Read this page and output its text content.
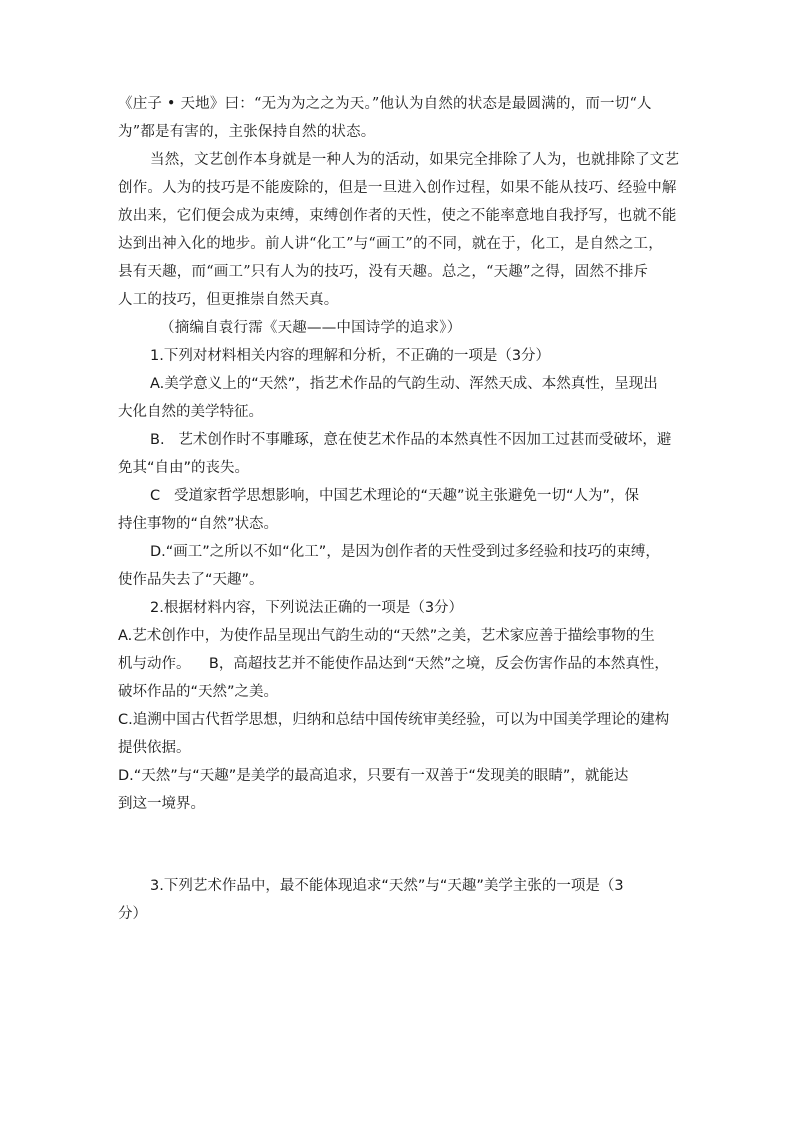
《庄子 • 天地》曰：“无为为之之为天。”他认为自然的状态是最圆满的，而一切“人
为”都是有害的，主张保持自然的状态。
当然，文艺创作本身就是一种人为的活动，如果完全排除了人为，也就排除了文艺
创作。人为的技巧是不能废除的，但是一旦进入创作过程，如果不能从技巧、经验中解
放出来，它们便会成为束缚，束缚创作者的天性，使之不能率意地自我抒写，也就不能
达到出神入化的地步。前人讲“化工”与“画工”的不同，就在于，化工，是自然之工，
县有天趣，而“画工”只有人为的技巧，没有天趣。总之，“天趣”之得，固然不排斥
人工的技巧，但更推崇自然天真。
（摘编自袁行霈《天趣——中国诗学的追求》）
1.下列对材料相关内容的理解和分析，不正确的一项是（3分）
A.美学意义上的“天然”，指艺术作品的气韵生动、浑然天成、本然真性，呈现出
大化自然的美学特征。
B.   艺术创作时不事雕琢，意在使艺术作品的本然真性不因加工过甚而受破坏，避
免其“自由”的丧失。
C   受道家哲学思想影响，中国艺术理论的“天趣”说主张避免一切“人为”，保
持住事物的“自然”状态。
D.“画工”之所以不如“化工”，是因为创作者的天性受到过多经验和技巧的束缚，
使作品失去了“天趣”。
2.根据材料内容，下列说法正确的一项是（3分）
A.艺术创作中，为使作品呈现出气韵生动的“天然”之美，艺术家应善于描绘事物的生
机与动作。    B，高超技艺并不能使作品达到“天然”之境，反会伤害作品的本然真性，
破坏作品的“天然”之美。
C.追溯中国古代哲学思想，归纳和总结中国传统审美经验，可以为中国美学理论的建构
提供依据。
D.“天然”与“天趣”是美学的最高追求，只要有一双善于“发现美的眼睛”，就能达
到这一境界。
3.下列艺术作品中，最不能体现追求“天然”与“天趣”美学主张的一项是（3
分）
